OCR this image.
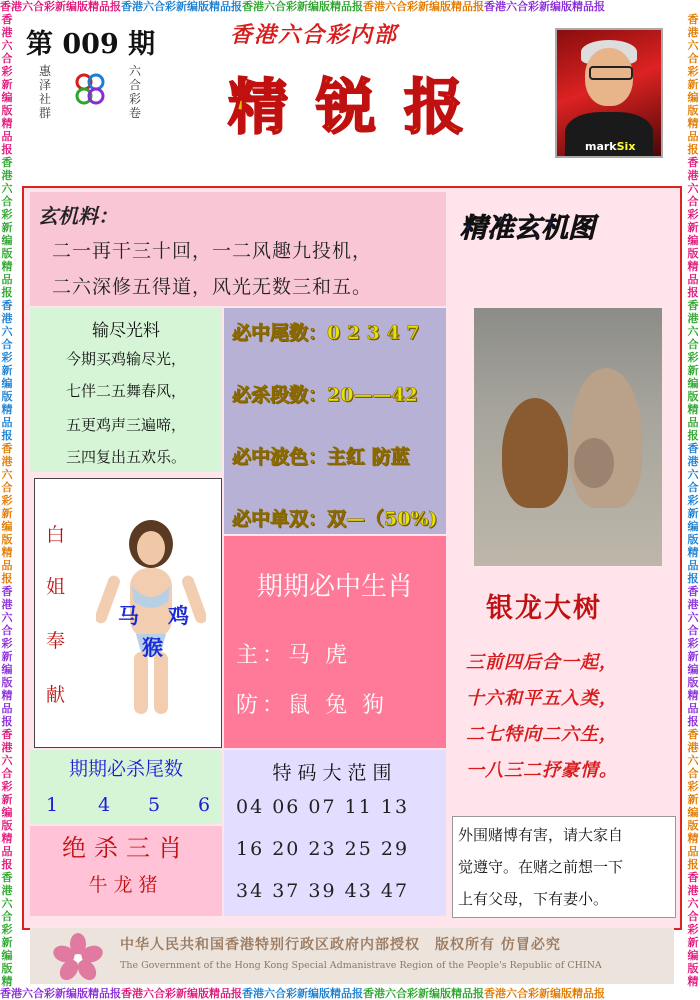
香港六合彩新编版精品报香港六合彩新编版精品报香港六合彩新编版精品报香港六合彩新编版精品报香港六合彩新编版精品报
香港六合彩新编版精品报香港六合彩新编版精品报香港六合彩新编版精品报香港六合彩新编版精品报香港六合彩新编版精品报
香港六合彩新编版精品报香港六合彩新编版精品报香港六合彩新编版精品报香港六合彩新编版精品报香港六合彩新编版精品报香港六合彩新编版精品报香港六合彩新编版精
香港六合彩新编版精品报香港六合彩新编版精品报香港六合彩新编版精品报香港六合彩新编版精品报香港六合彩新编版精品报香港六合彩新编版精品报香港六合彩新编版精
第 009 期
惠泽社群
六合彩卷
香港六合彩内部
精锐报
markSix
玄机料：
二一再干三十回，一二风趣九投机，
二六深修五得道，风光无数三和五。
输尽光料
今期买鸡输尽光，
七伴二五舞春风，
五更鸡声三遍啼，
三四复出五欢乐。
必中尾数：0 2 3 4 7
必杀段数：20——42
必中波色：主红 防蓝
必中单双：双—（50%)
白
姐
奉
献
马 鸡
猴
期期必中生肖
主：马 虎
防：鼠 兔 狗
期期必杀尾数
1	4	5	6
绝杀三肖
牛龙猪
特码大范围
04 06 07 11 13
16 20 23 25 29
34 37 39 43 47
精准玄机图
银龙大树
三前四后合一起，
十六和平五入类，
二七特向二六生，
一八三二抒豪情。
外围赌博有害，请大家自
觉遵守。在赌之前想一下
上有父母，下有妻小。
中华人民共和国香港特别行政区政府内部授权　版权所有 仿冒必究
The Government of the Hong Kong Special Admanistrave Region of the People's Republic of CHINA
